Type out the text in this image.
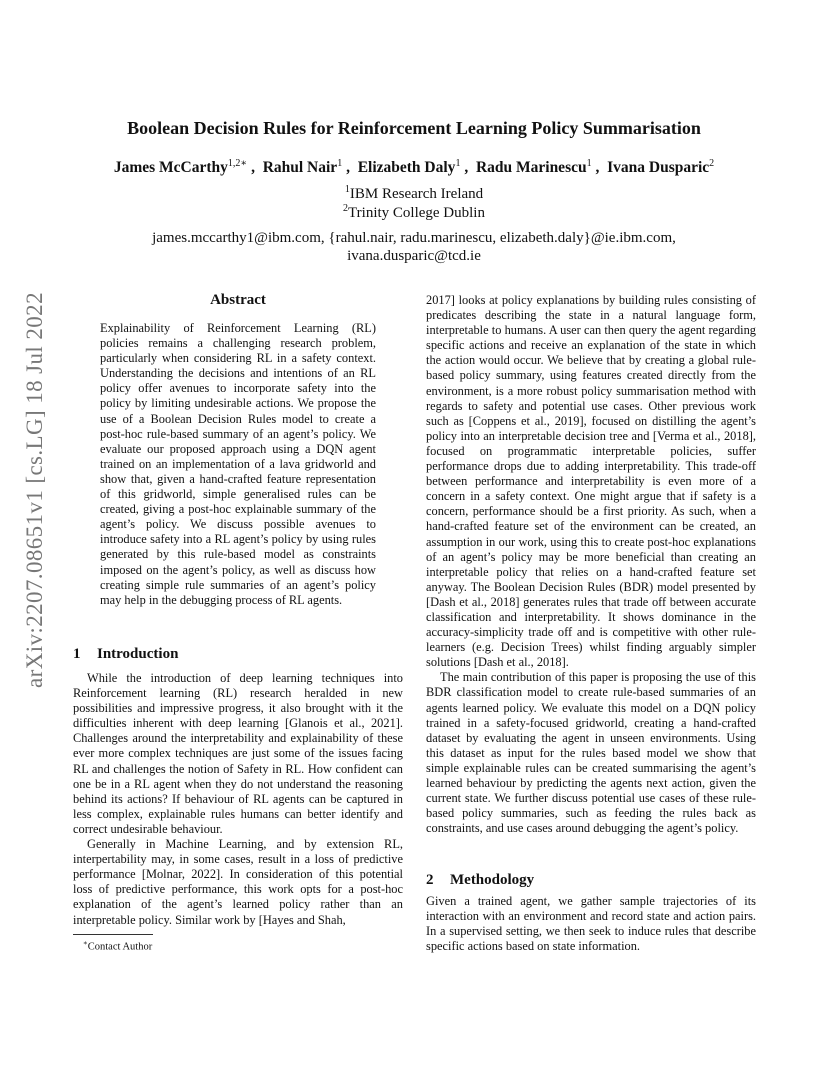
Boolean Decision Rules for Reinforcement Learning Policy Summarisation
James McCarthy$^{1,2∗}$ ,  Rahul Nair$^1$ ,  Elizabeth Daly$^1$ ,  Radu Marinescu$^1$ ,  Ivana Dusparic$^2$
$^1$IBM Research Ireland
$^2$Trinity College Dublin
james.mccarthy1@ibm.com, {rahul.nair, radu.marinescu, elizabeth.daly}@ie.ibm.com,
ivana.dusparic@tcd.ie
arXiv:2207.08651v1 [cs.LG] 18 Jul 2022	Abstract
Explainability of Reinforcement Learning (RL) policies remains a challenging research problem, particularly when considering RL in a safety context. Understanding the decisions and intentions of an RL policy offer avenues to incorporate safety into the policy by limiting undesirable actions. We propose the use of a Boolean Decision Rules model to create a post-hoc rule-based summary of an agent’s policy. We evaluate our proposed approach using a DQN agent trained on an implementation of a lava gridworld and show that, given a hand-crafted feature representation of this gridworld, simple generalised rules can be created, giving a post-hoc explainable summary of the agent’s policy. We discuss possible avenues to introduce safety into a RL agent’s policy by using rules generated by this rule-based model as constraints imposed on the agent’s policy, as well as discuss how creating simple rule summaries of an agent’s policy may help in the debugging process of RL agents.
1 Introduction

While the introduction of deep learning techniques into Reinforcement learning (RL) research heralded in new possibilities and impressive progress, it also brought with it the difficulties inherent with deep learning [Glanois et al., 2021]. Challenges around the interpretability and explainability of these ever more complex techniques are just some of the issues facing RL and challenges the notion of Safety in RL. How confident can one be in a RL agent when they do not understand the reasoning behind its actions? If behaviour of RL agents can be captured in less complex, explainable rules humans can better identify and correct undesirable behaviour.

Generally in Machine Learning, and by extension RL, interpertability may, in some cases, result in a loss of predictive performance [Molnar, 2022]. In consideration of this potential loss of predictive performance, this work opts for a post-hoc explanation of the agent’s learned policy rather than an interpretable policy. Similar work by [Hayes and Shah,

∗Contact Author

2017] looks at policy explanations by building rules consisting of predicates describing the state in a natural language form, interpretable to humans. A user can then query the agent regarding specific actions and receive an explanation of the state in which the action would occur. We believe that by creating a global rule-based policy summary, using features created directly from the environment, is a more robust policy summarisation method with regards to safety and potential use cases. Other previous work such as [Coppens et al., 2019], focused on distilling the agent’s policy into an interpretable decision tree and [Verma et al., 2018], focused on programmatic interpretable policies, suffer performance drops due to adding interpretability. This trade-off between performance and interpretability is even more of a concern in a safety context. One might argue that if safety is a concern, performance should be a first priority. As such, when a hand-crafted feature set of the environment can be created, an assumption in our work, using this to create post-hoc explanations of an agent’s policy may be more beneficial than creating an interpretable policy that relies on a hand-crafted feature set anyway. The Boolean Decision Rules (BDR) model presented by [Dash et al., 2018] generates rules that trade off between accurate classification and interpretability. It shows dominance in the accuracy-simplicity trade off and is competitive with other rule-learners (e.g. Decision Trees) whilst finding arguably simpler solutions [Dash et al., 2018].

The main contribution of this paper is proposing the use of this BDR classification model to create rule-based summaries of an agents learned policy. We evaluate this model on a DQN policy trained in a safety-focused gridworld, creating a hand-crafted dataset by evaluating the agent in unseen environments. Using this dataset as input for the rules based model we show that simple explainable rules can be created summarising the agent’s learned behaviour by predicting the agents next action, given the current state. We further discuss potential use cases of these rule-based policy summaries, such as feeding the rules back as constraints, and use cases around debugging the agent’s policy.

2 Methodology

Given a trained agent, we gather sample trajectories of its interaction with an environment and record state and action pairs. In a supervised setting, we then seek to induce rules that describe specific actions based on state information.
